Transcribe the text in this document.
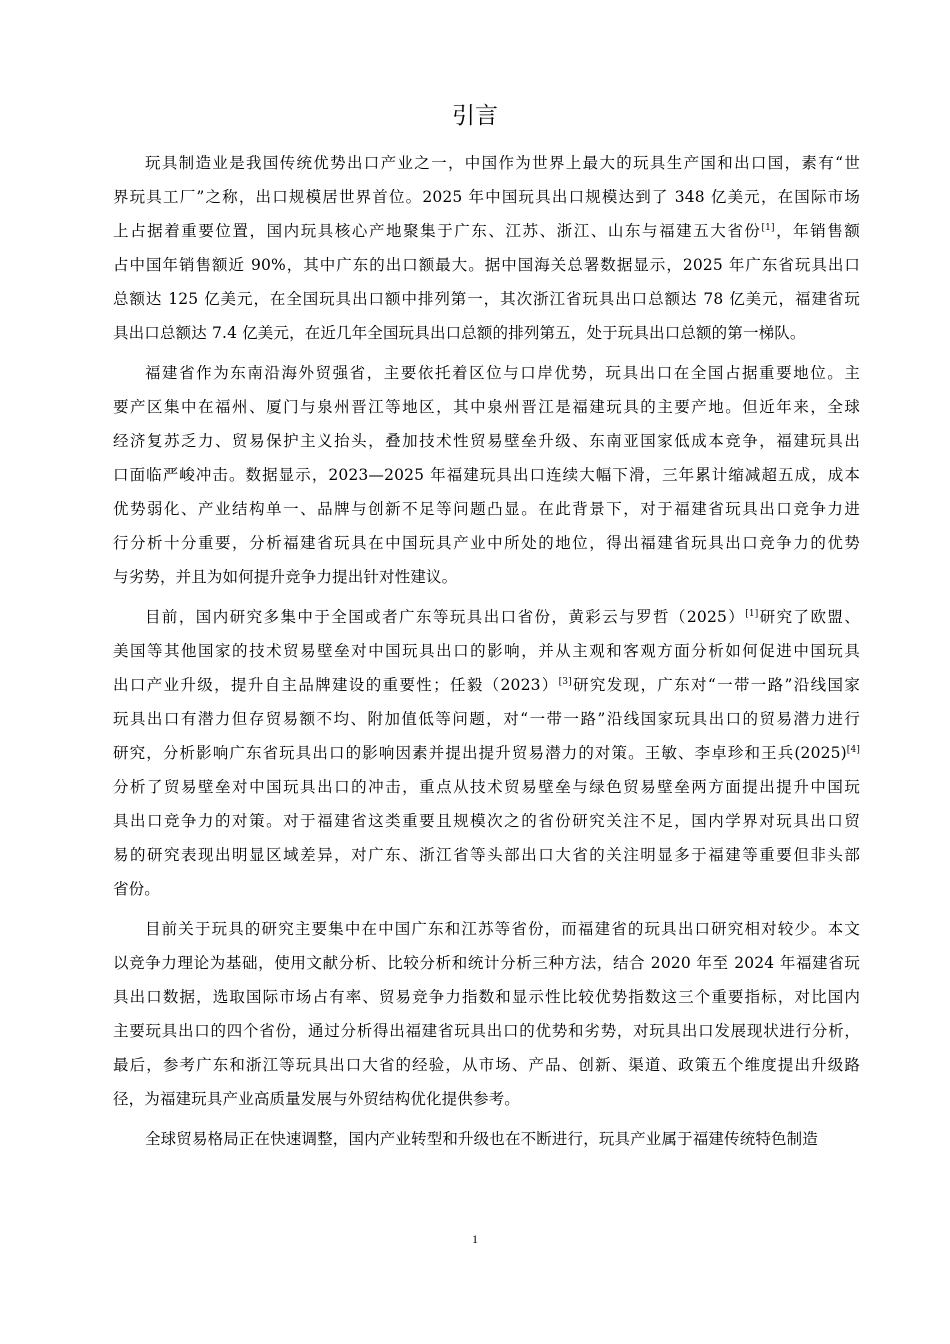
引言
玩具制造业是我国传统优势出口产业之一，中国作为世界上最大的玩具生产国和出口国，素有“世
界玩具工厂”之称，出口规模居世界首位。2025 年中国玩具出口规模达到了 348 亿美元，在国际市场
上占据着重要位置，国内玩具核心产地聚集于广东、江苏、浙江、山东与福建五大省份[1]，年销售额
占中国年销售额近 90%，其中广东的出口额最大。据中国海关总署数据显示，2025 年广东省玩具出口
总额达 125 亿美元，在全国玩具出口额中排列第一，其次浙江省玩具出口总额达 78 亿美元，福建省玩
具出口总额达 7.4 亿美元，在近几年全国玩具出口总额的排列第五，处于玩具出口总额的第一梯队。
福建省作为东南沿海外贸强省，主要依托着区位与口岸优势，玩具出口在全国占据重要地位。主
要产区集中在福州、厦门与泉州晋江等地区，其中泉州晋江是福建玩具的主要产地。但近年来，全球
经济复苏乏力、贸易保护主义抬头，叠加技术性贸易壁垒升级、东南亚国家低成本竞争，福建玩具出
口面临严峻冲击。数据显示，2023—2025 年福建玩具出口连续大幅下滑，三年累计缩减超五成，成本
优势弱化、产业结构单一、品牌与创新不足等问题凸显。在此背景下，对于福建省玩具出口竞争力进
行分析十分重要，分析福建省玩具在中国玩具产业中所处的地位，得出福建省玩具出口竞争力的优势
与劣势，并且为如何提升竞争力提出针对性建议。
目前，国内研究多集中于全国或者广东等玩具出口省份，黄彩云与罗哲（2025）[1]研究了欧盟、
美国等其他国家的技术贸易壁垒对中国玩具出口的影响，并从主观和客观方面分析如何促进中国玩具
出口产业升级，提升自主品牌建设的重要性；任毅（2023）[3]研究发现，广东对“一带一路”沿线国家
玩具出口有潜力但存贸易额不均、附加值低等问题，对“一带一路”沿线国家玩具出口的贸易潜力进行
研究，分析影响广东省玩具出口的影响因素并提出提升贸易潜力的对策。王敏、李卓珍和王兵(2025)[4]
分析了贸易壁垒对中国玩具出口的冲击，重点从技术贸易壁垒与绿色贸易壁垒两方面提出提升中国玩
具出口竞争力的对策。对于福建省这类重要且规模次之的省份研究关注不足，国内学界对玩具出口贸
易的研究表现出明显区域差异，对广东、浙江省等头部出口大省的关注明显多于福建等重要但非头部
省份。
目前关于玩具的研究主要集中在中国广东和江苏等省份，而福建省的玩具出口研究相对较少。本文
以竞争力理论为基础，使用文献分析、比较分析和统计分析三种方法，结合 2020 年至 2024 年福建省玩
具出口数据，选取国际市场占有率、贸易竞争力指数和显示性比较优势指数这三个重要指标，对比国内
主要玩具出口的四个省份，通过分析得出福建省玩具出口的优势和劣势，对玩具出口发展现状进行分析，
最后，参考广东和浙江等玩具出口大省的经验，从市场、产品、创新、渠道、政策五个维度提出升级路
径，为福建玩具产业高质量发展与外贸结构优化提供参考。
全球贸易格局正在快速调整，国内产业转型和升级也在不断进行，玩具产业属于福建传统特色制造
1
